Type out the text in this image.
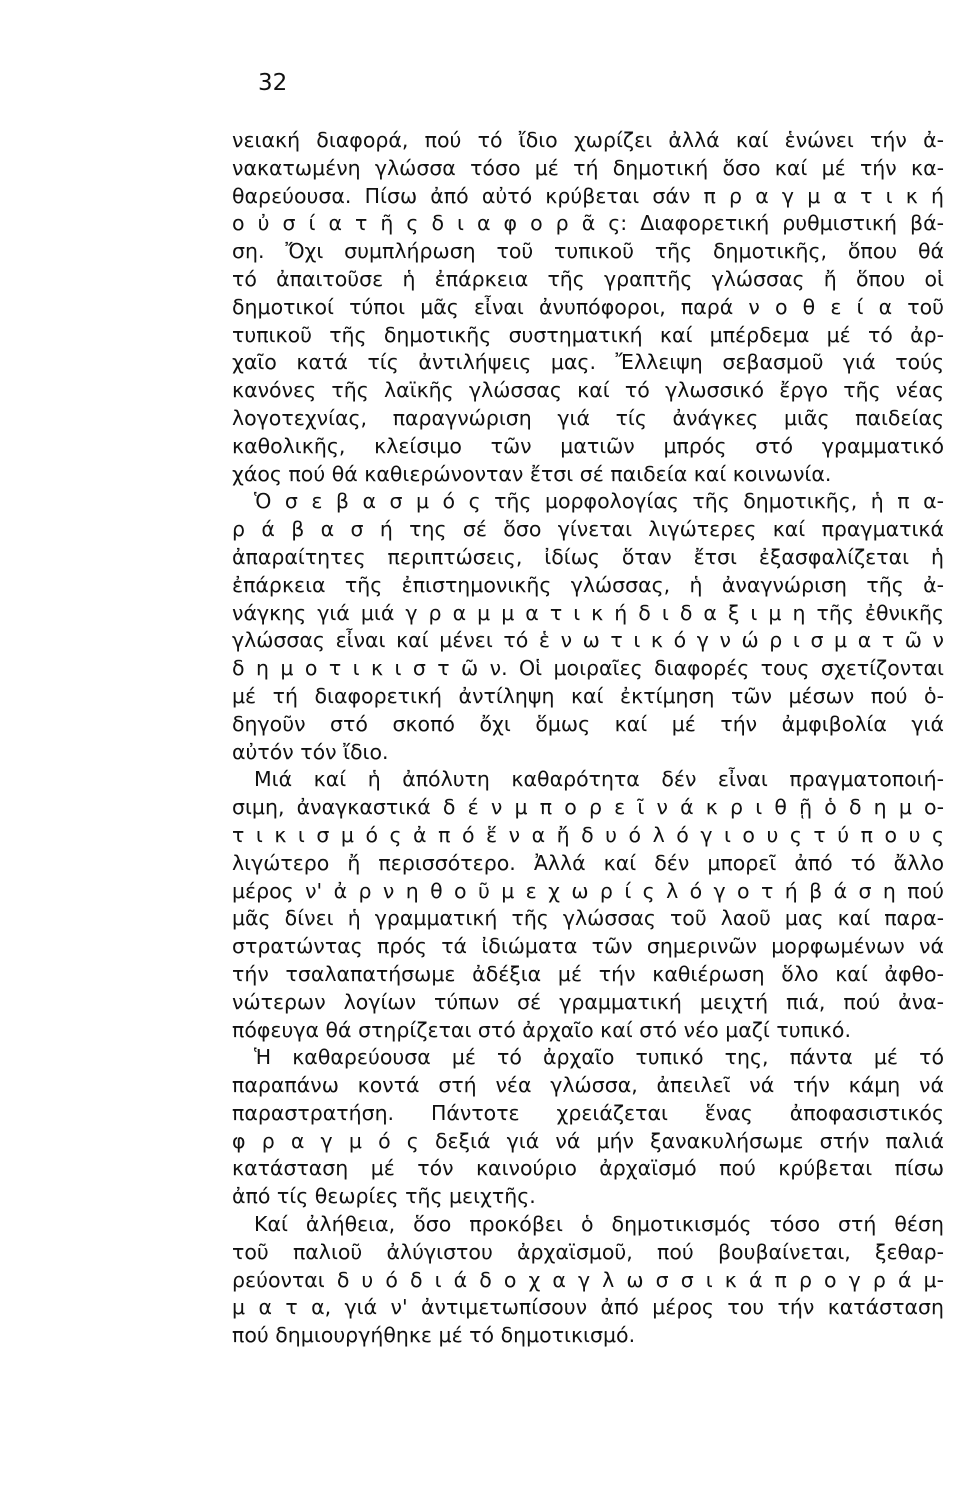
32
νειακή διαφορά, πού τό ἴδιο χωρίζει ἀλλά καί ἑνώνει τήν ἀ-
νακατωμένη γλώσσα τόσο μέ τή δημοτική ὅσο καί μέ τήν κα-
θαρεύουσα. Πίσω ἀπό αὐτό κρύβεται σάν π ρ α γ μ α τ ι κ ή
ο ὐ σ ί α τ ῆ ς δ ι α φ ο ρ ᾶ ς: Διαφορετική ρυθμιστική βά-
ση. Ὄχι συμπλήρωση τοῦ τυπικοῦ τῆς δημοτικῆς, ὅπου θά
τό ἀπαιτοῦσε ἡ ἐπάρκεια τῆς γραπτῆς γλώσσας ἤ ὅπου οἱ
δημοτικοί τύποι μᾶς εἶναι ἀνυπόφοροι, παρά ν ο θ ε ί α τοῦ
τυπικοῦ τῆς δημοτικῆς συστηματική καί μπέρδεμα μέ τό ἀρ-
χαῖο κατά τίς ἀντιλήψεις μας. Ἔλλειψη σεβασμοῦ γιά τούς
κανόνες τῆς λαϊκῆς γλώσσας καί τό γλωσσικό ἔργο τῆς νέας
λογοτεχνίας, παραγνώριση γιά τίς ἀνάγκες μιᾶς παιδείας
καθολικῆς, κλείσιμο τῶν ματιῶν μπρός στό γραμματικό
χάος πού θά καθιερώνονταν ἔτσι σέ παιδεία καί κοινωνία.
Ὁ σ ε β α σ μ ό ς τῆς μορφολογίας τῆς δημοτικῆς, ἡ π α-
ρ ά β α σ ή της σέ ὅσο γίνεται λιγώτερες καί πραγματικά
ἀπαραίτητες περιπτώσεις, ἰδίως ὅταν ἔτσι ἐξασφαλίζεται ἡ
ἐπάρκεια τῆς ἐπιστημονικῆς γλώσσας, ἡ ἀναγνώριση τῆς ἀ-
νάγκης γιά μιά γ ρ α μ μ α τ ι κ ή δ ι δ α ξ ι μ η τῆς ἐθνικῆς
γλώσσας εἶναι καί μένει τό ἑ ν ω τ ι κ ό γ ν ώ ρ ι σ μ α τ ῶ ν
δ η μ ο τ ι κ ι σ τ ῶ ν. Οἱ μοιραῖες διαφορές τους σχετίζονται
μέ τή διαφορετική ἀντίληψη καί ἐκτίμηση τῶν μέσων πού ὁ-
δηγοῦν στό σκοπό ὄχι ὅμως καί μέ τήν ἀμφιβολία γιά
αὐτόν τόν ἴδιο.
Μιά καί ἡ ἀπόλυτη καθαρότητα δέν εἶναι πραγματοποιή-
σιμη, ἀναγκαστικά δ έ ν μ π ο ρ ε ῖ ν ά κ ρ ι θ ῇ ὁ δ η μ ο-
τ ι κ ι σ μ ό ς ἀ π ό ἕ ν α ἤ δ υ ό λ ό γ ι ο υ ς τ ύ π ο υ ς
λιγώτερο ἤ περισσότερο. Ἀλλά καί δέν μπορεῖ ἀπό τό ἄλλο
μέρος ν' ἀ ρ ν η θ ο ῦ μ ε χ ω ρ ί ς λ ό γ ο τ ή β ά σ η πού
μᾶς δίνει ἡ γραμματική τῆς γλώσσας τοῦ λαοῦ μας καί παρα-
στρατώντας πρός τά ἰδιώματα τῶν σημερινῶν μορφωμένων νά
τήν τσαλαπατήσωμε ἀδέξια μέ τήν καθιέρωση ὅλο καί ἀφθο-
νώτερων λογίων τύπων σέ γραμματική μειχτή πιά, πού ἀνα-
πόφευγα θά στηρίζεται στό ἀρχαῖο καί στό νέο μαζί τυπικό.
Ἡ καθαρεύουσα μέ τό ἀρχαῖο τυπικό της, πάντα μέ τό
παραπάνω κοντά στή νέα γλώσσα, ἀπειλεῖ νά τήν κάμη νά
παραστρατήση. Πάντοτε χρειάζεται ἕνας ἀποφασιστικός
φ ρ α γ μ ό ς δεξιά γιά νά μήν ξανακυλήσωμε στήν παλιά
κατάσταση μέ τόν καινούριο ἀρχαϊσμό πού κρύβεται πίσω
ἀπό τίς θεωρίες τῆς μειχτῆς.
Καί ἀλήθεια, ὅσο προκόβει ὁ δημοτικισμός τόσο στή θέση
τοῦ παλιοῦ ἀλύγιστου ἀρχαϊσμοῦ, πού βουβαίνεται, ξεθαρ-
ρεύονται δ υ ό δ ι ά δ ο χ α γ λ ω σ σ ι κ ά π ρ ο γ ρ ά μ-
μ α τ α, γιά ν' ἀντιμετωπίσουν ἀπό μέρος του τήν κατάσταση
πού δημιουργήθηκε μέ τό δημοτικισμό.
